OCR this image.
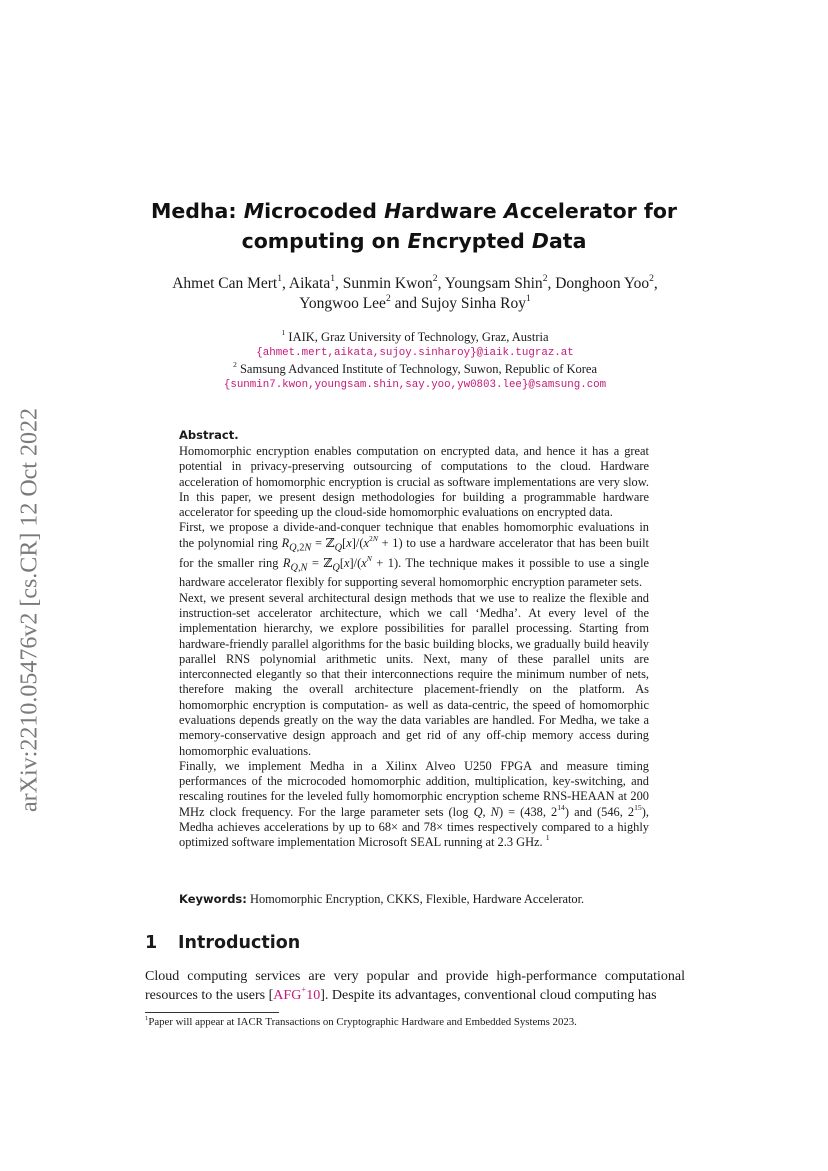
arXiv:2210.05476v2 [cs.CR] 12 Oct 2022
Medha: Microcoded Hardware Accelerator for
computing on Encrypted Data
Ahmet Can Mert$^1$, Aikata$^1$, Sunmin Kwon$^2$, Youngsam Shin$^2$, Donghoon Yoo$^2$, Yongwoo Lee$^2$ and Sujoy Sinha Roy$^1$
$^1$ IAIK, Graz University of Technology, Graz, Austria
{ahmet.mert,aikata,sujoy.sinharoy}@iaik.tugraz.at
$^2$ Samsung Advanced Institute of Technology, Suwon, Republic of Korea
{sunmin7.kwon,youngsam.shin,say.yoo,yw0803.lee}@samsung.com
Abstract.

Homomorphic encryption enables computation on encrypted data, and hence it has a great potential in privacy-preserving outsourcing of computations to the cloud. Hardware acceleration of homomorphic encryption is crucial as software implementations are very slow. In this paper, we present design methodologies for building a programmable hardware accelerator for speeding up the cloud-side homomorphic evaluations on encrypted data.

First, we propose a divide-and-conquer technique that enables homomorphic evaluations in the polynomial ring $R_{Q,2N}$ = $ℤ_Q[x]/(x^{2N} + 1)$ to use a hardware accelerator that has been built for the smaller ring $R_{Q,N}$ = $ℤ_Q[x]/(x^N + 1)$. The technique makes it possible to use a single hardware accelerator flexibly for supporting several homomorphic encryption parameter sets.

Next, we present several architectural design methods that we use to realize the flexible and instruction-set accelerator architecture, which we call ‘Medha’. At every level of the implementation hierarchy, we explore possibilities for parallel processing. Starting from hardware-friendly parallel algorithms for the basic building blocks, we gradually build heavily parallel RNS polynomial arithmetic units. Next, many of these parallel units are interconnected elegantly so that their interconnections require the minimum number of nets, therefore making the overall architecture placement-friendly on the platform. As homomorphic encryption is computation- as well as data-centric, the speed of homomorphic evaluations depends greatly on the way the data variables are handled. For Medha, we take a memory-conservative design approach and get rid of any off-chip memory access during homomorphic evaluations.

Finally, we implement Medha in a Xilinx Alveo U250 FPGA and measure timing performances of the microcoded homomorphic addition, multiplication, key-switching, and rescaling routines for the leveled fully homomorphic encryption scheme RNS-HEAAN at 200 MHz clock frequency. For the large parameter sets (log Q, N) = (438, $2^{14}$) and (546, $2^{15}$), Medha achieves accelerations by up to 68× and 78× times respectively compared to a highly optimized software implementation Microsoft SEAL running at 2.3 GHz. $^1$

Keywords: Homomorphic Encryption, CKKS, Flexible, Hardware Accelerator.
1 Introduction
Cloud computing services are very popular and provide high-performance computational resources to the users [AFG+10]. Despite its advantages, conventional cloud computing has
$^1$Paper will appear at IACR Transactions on Cryptographic Hardware and Embedded Systems 2023.
